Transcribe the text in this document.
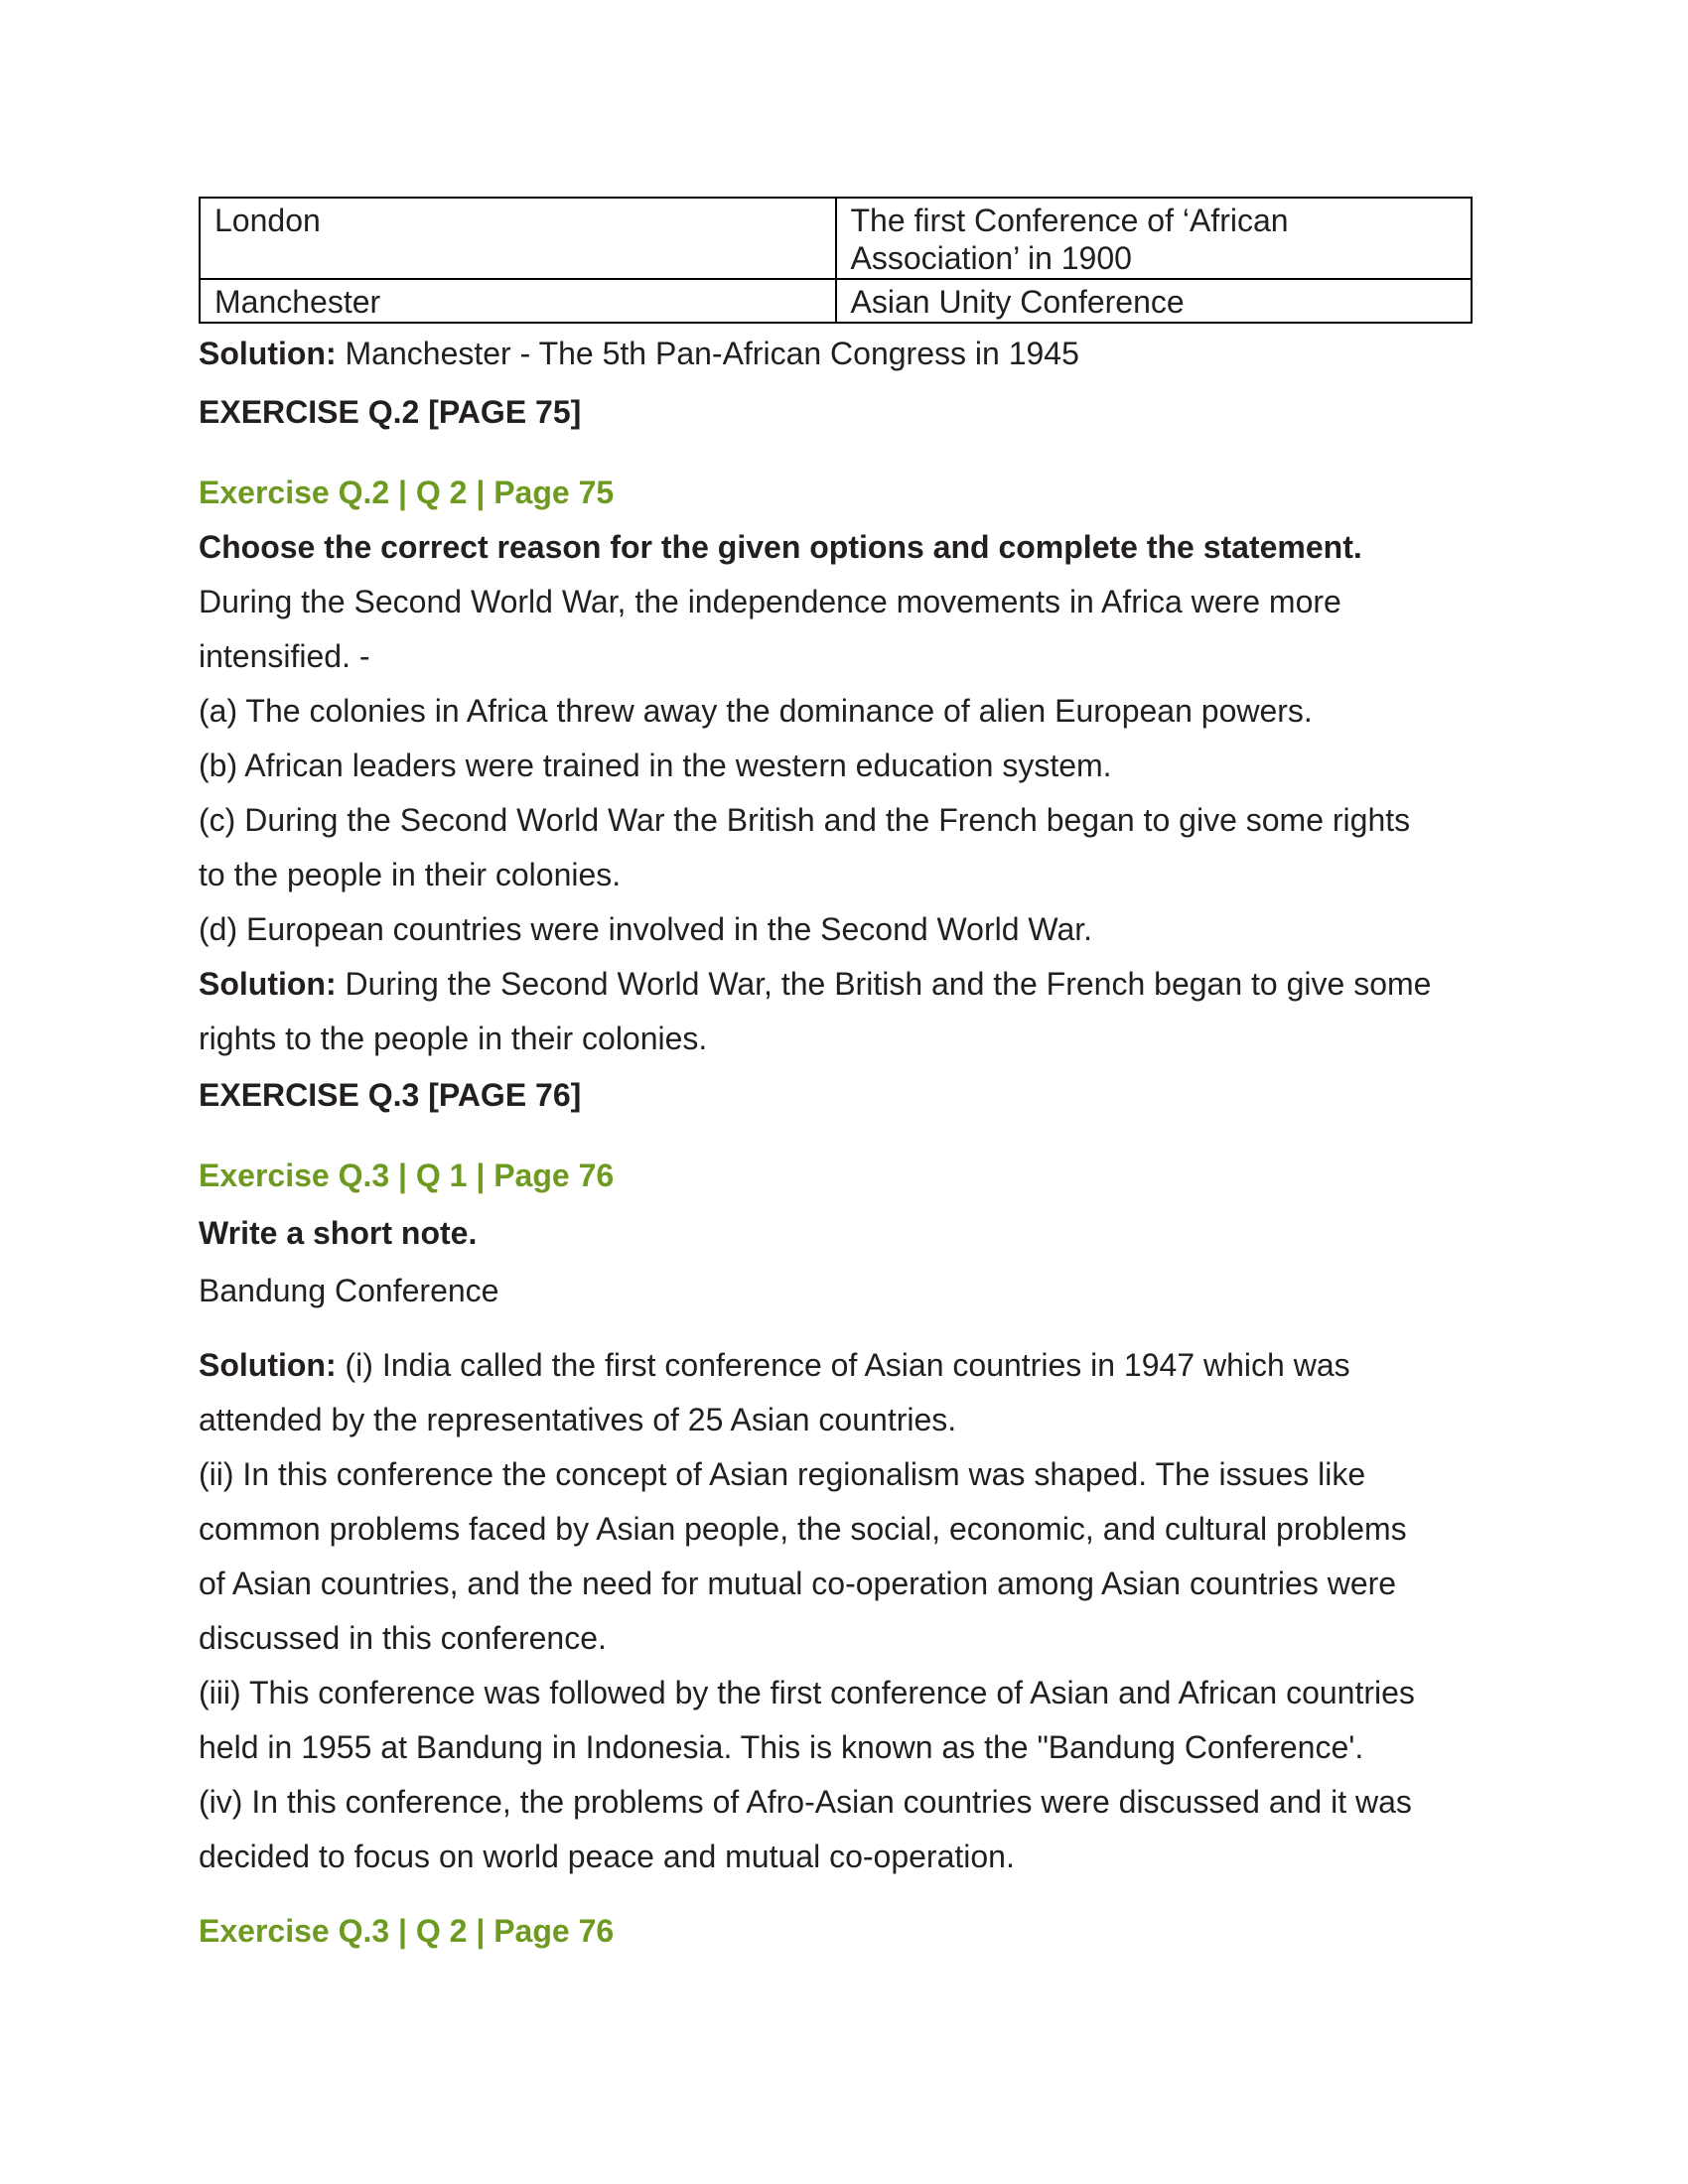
London	The first Conference of ‘African
Association’ in 1900
Manchester	Asian Unity Conference
Solution: Manchester - The 5th Pan-African Congress in 1945
EXERCISE Q.2 [PAGE 75]
Exercise Q.2 | Q 2 | Page 75
Choose the correct reason for the given options and complete the statement.
During the Second World War, the independence movements in Africa were more
intensified. -
(a) The colonies in Africa threw away the dominance of alien European powers.
(b) African leaders were trained in the western education system.
(c) During the Second World War the British and the French began to give some rights
to the people in their colonies.
(d) European countries were involved in the Second World War.
Solution: During the Second World War, the British and the French began to give some
rights to the people in their colonies.
EXERCISE Q.3 [PAGE 76]
Exercise Q.3 | Q 1 | Page 76
Write a short note.
Bandung Conference
Solution: (i) India called the first conference of Asian countries in 1947 which was
attended by the representatives of 25 Asian countries.
(ii) In this conference the concept of Asian regionalism was shaped. The issues like
common problems faced by Asian people, the social, economic, and cultural problems
of Asian countries, and the need for mutual co-operation among Asian countries were
discussed in this conference.
(iii) This conference was followed by the first conference of Asian and African countries
held in 1955 at Bandung in Indonesia. This is known as the "Bandung Conference'.
(iv) In this conference, the problems of Afro-Asian countries were discussed and it was
decided to focus on world peace and mutual co-operation.
Exercise Q.3 | Q 2 | Page 76
